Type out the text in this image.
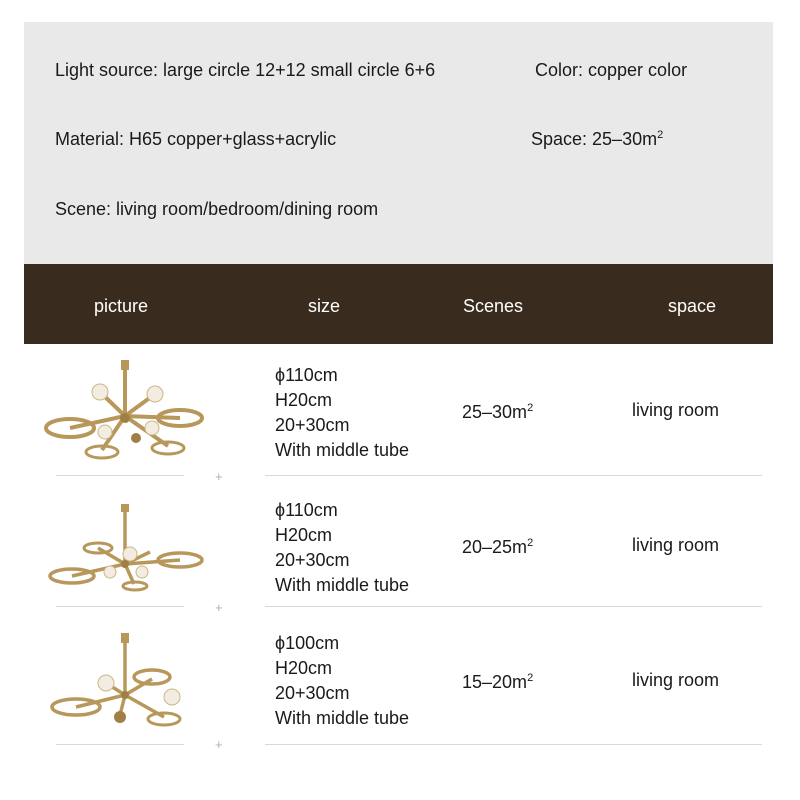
Light source: large circle 12+12 small circle 6+6	Color: copper color
Material: H65 copper+glass+acrylic	Space: $25-30m^2$
Scene: living room/bedroom/dining room
picture	size	Scenes	space
ϕ110cm
H20cm
20+30cm
With middle tube
$25-30m^2$	living room
+
ϕ110cm
H20cm
20+30cm
With middle tube
$20-25m^2$	living room
+
ϕ100cm
H20cm
20+30cm
With middle tube
$15-20m^2$	living room
+
